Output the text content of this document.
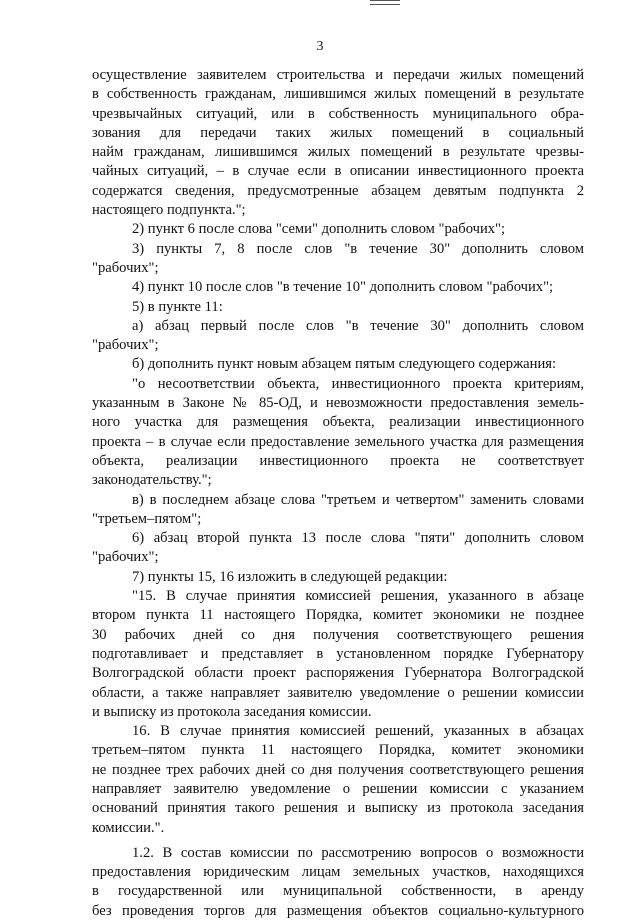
3
осуществление заявителем строительства и передачи жилых помещений
в собственность гражданам, лишившимся жилых помещений в результате
чрезвычайных ситуаций, или в собственность муниципального обра-
зования для передачи таких жилых помещений в социальный
найм гражданам, лишившимся жилых помещений в результате чрезвы-
чайных ситуаций, – в случае если в описании инвестиционного проекта
содержатся сведения, предусмотренные абзацем девятым подпункта 2
настоящего подпункта.";
2) пункт 6 после слова "семи" дополнить словом "рабочих";
3) пункты 7, 8 после слов "в течение 30" дополнить словом
"рабочих";
4) пункт 10 после слов "в течение 10" дополнить словом "рабочих";
5) в пункте 11:
а) абзац первый после слов "в течение 30" дополнить словом
"рабочих";
б) дополнить пункт новым абзацем пятым следующего содержания:
"о несоответствии объекта, инвестиционного проекта критериям,
указанным в Законе № 85-ОД, и невозможности предоставления земель-
ного участка для размещения объекта, реализации инвестиционного
проекта – в случае если предоставление земельного участка для размещения
объекта, реализации инвестиционного проекта не соответствует
законодательству.";
в) в последнем абзаце слова "третьем и четвертом" заменить словами
"третьем–пятом";
6) абзац второй пункта 13 после слова "пяти" дополнить словом
"рабочих";
7) пункты 15, 16 изложить в следующей редакции:
"15. В случае принятия комиссией решения, указанного в абзаце
втором пункта 11 настоящего Порядка, комитет экономики не позднее
30 рабочих дней со дня получения соответствующего решения
подготавливает и представляет в установленном порядке Губернатору
Волгоградской области проект распоряжения Губернатора Волгоградской
области, а также направляет заявителю уведомление о решении комиссии
и выписку из протокола заседания комиссии.
16. В случае принятия комиссией решений, указанных в абзацах
третьем–пятом пункта 11 настоящего Порядка, комитет экономики
не позднее трех рабочих дней со дня получения соответствующего решения
направляет заявителю уведомление о решении комиссии с указанием
оснований принятия такого решения и выписку из протокола заседания
комиссии.".
1.2. В состав комиссии по рассмотрению вопросов о возможности
предоставления юридическим лицам земельных участков, находящихся
в государственной или муниципальной собственности, в аренду
без проведения торгов для размещения объектов социально-культурного
